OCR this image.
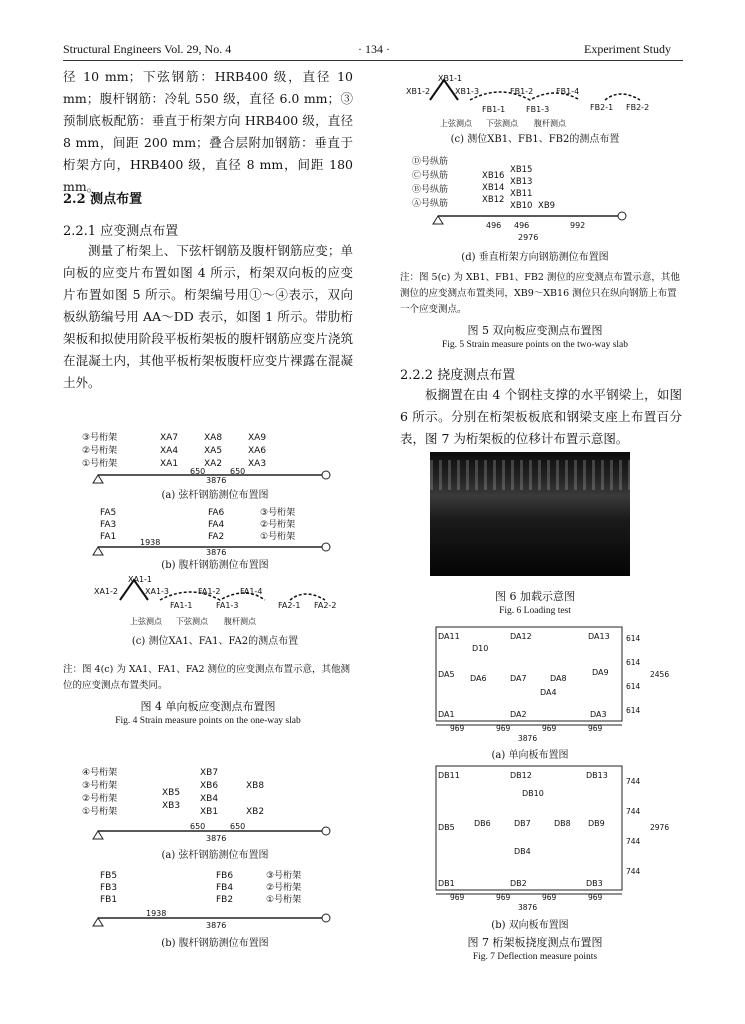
Structural Engineers Vol. 29, No. 4	· 134 ·	Experiment Study
径 10 mm；下弦钢筋：HRB400 级，直径 10 mm；腹杆钢筋：冷轧 550 级，直径 6.0 mm；③预制底板配筋：垂直于桁架方向 HRB400 级，直径 8 mm，间距 200 mm；叠合层附加钢筋：垂直于桁架方向，HRB400 级，直径 8 mm，间距 180 mm。
2.2 测点布置
2.2.1 应变测点布置
测量了桁架上、下弦杆钢筋及腹杆钢筋应变；单向板的应变片布置如图 4 所示，桁架双向板的应变片布置如图 5 所示。桁架编号用①～④表示，双向板纵筋编号用 AA～DD 表示，如图 1 所示。带肋桁架板和拟使用阶段平板桁架板的腹杆钢筋应变片浇筑在混凝土内，其他平板桁架板腹杆应变片裸露在混凝土外。
③号桁架
②号桁架
①号桁架
XA7	XA8	XA9
XA4	XA5	XA6
XA1	XA2	XA3
650	650
3876
(a) 弦杆钢筋测位布置图
FA5
FA3
FA1
FA6
FA4
FA2
③号桁架
②号桁架
①号桁架
1938
3876
(b) 腹杆钢筋测位布置图
XA1-1
XA1-2	XA1-3
FA1-1
FA1-2
FA1-3
FA1-4
FA2-1 FA2-2
上弦测点 下弦测点 腹杆测点
(c) 测位XA1、FA1、FA2的测点布置
注：图 4(c) 为 XA1、FA1、FA2 测位的应变测点布置示意，其他测位的应变测点布置类同。
图 4 单向板应变测点布置图
Fig. 4 Strain measure points on the one-way slab
④号桁架
③号桁架
②号桁架
①号桁架
XB7
XB6
XB5
XB4
XB3
XB1
XB8
XB2
650	650
3876
(a) 弦杆钢筋测位布置图
FB5
FB3
FB1
FB6
FB4
FB2
③号桁架
②号桁架
①号桁架
1938
3876
(b) 腹杆钢筋测位布置图
XB1-1
XB1-2	XB1-3
FB1-1
FB1-2
FB1-3
FB1-4
FB2-1 FB2-2
上弦测点 下弦测点 腹杆测点
(c) 测位XB1、FB1、FB2的测点布置
Ⓓ号纵筋
Ⓒ号纵筋
Ⓑ号纵筋
Ⓐ号纵筋
XB15
XB16
XB13
XB14
XB11
XB12
XB10 XB9
496 496	992
2976
(d) 垂直桁架方向钢筋测位布置图
注：图 5(c) 为 XB1、FB1、FB2 测位的应变测点布置示意，其他测位的应变测点布置类同，XB9～XB16 测位只在纵向钢筋上布置一个应变测点。
图 5 双向板应变测点布置图
Fig. 5 Strain measure points on the two-way slab
2.2.2 挠度测点布置
板搁置在由 4 个钢柱支撑的水平钢梁上，如图 6 所示。分别在桁架板板底和钢梁支座上布置百分表，图 7 为桁架板的位移计布置示意图。
图 6 加载示意图
Fig. 6 Loading test
DA11	DA12	DA13
D10
DA5 DA6	DA7	DA8
DA9
DA4
DA1	DA2	DA3
969	969	969	969
3876
614
614
614
614
2456
(a) 单向板布置图
DB11	DB12	DB13
DB10
DB5 DB6	DB7	DB8 DB9
DB4
DB1	DB2	DB3
969	969	969	969
3876
744
744
744
744
2976
(b) 双向板布置图
图 7 桁架板挠度测点布置图
Fig. 7 Deflection measure points
